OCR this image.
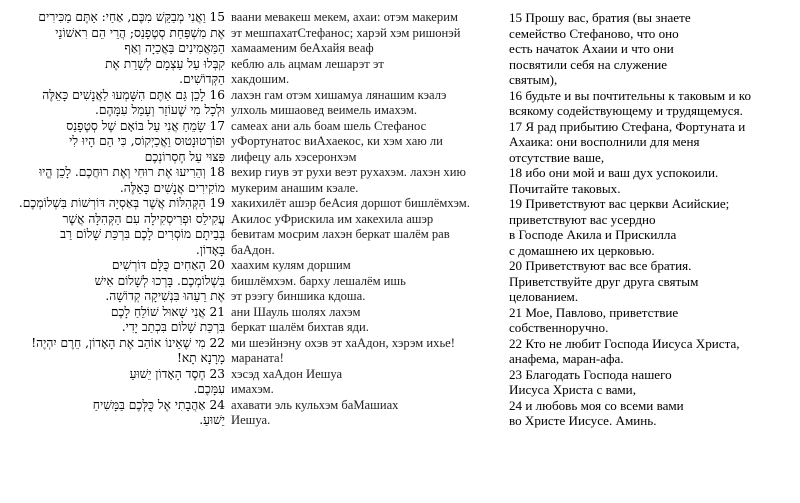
15 וַאֲנִי מְבַקֵּשׁ מִכֶּם, אַחַי: אַתֶּם מַכִּירִים
אֶת מִשְׁפַּחַת סְטֶפָנַס; הֲרֵי הֵם רִאשׁוֹנֵי
הַמַּאֲמִינִים בַּאֲכַיָה וְאַף
קִבְּלוּ עַל עַצְמָם לְשָׁרֵת אֶת
הַקְּדוֹשִׁים.
16 לָכֵן גַּם אַתֶּם הִשָּׁמְעוּ לַאֲנָשִׁים כָּאֵלֶּה
וּלְכָל מִי שֶׁעוֹזֵר וְעָמֵל עִמָּהֶם.
17 שָׂמֵחַ אֲנִי עַל בּוֹאָם שֶׁל סְטֶפָנַס
וּפוֹרְטוּנָטוּס וַאֲכַיְקוֹס, כִּי הֵם הָיוּ לִי
פִּצּוּי עַל חֶסְרוֹנְכֶם
18 וְהֵרִיעוּ אֶת רוּחִי וְאֶת רוּחֲכֶם. לָכֵן הֱיוּ
מוֹקִירִים אֲנָשִׁים כָּאֵלֶּה.
19 הַקְּהִלּוֹת אֲשֶׁר בְּאַסְיָה דּוֹרְשׁוֹת בִּשְׁלוֹמְכֶם.
עֲקִילֵס וּפְרִיסְקִילָה עִם הַקְּהִלָּה אֲשֶׁר
בְּבֵיתָם מוֹסְרִים לָכֶם בִּרְכַּת שָׁלוֹם רַב
בָּאָדוֹן.
20 הָאַחִים כֻּלָּם דּוֹרְשִׁים
בִּשְׁלוֹמְכֶם. בָּרְכוּ לְשָׁלוֹם אִישׁ
אֶת רֵעֵהוּ בִּנְשִׁיקָה קְדוֹשָׁה.
21 אֲנִי שָׁאוּל שׁוֹלֵחַ לָכֶם
בִּרְכַּת שָׁלוֹם בִּכְתַב יָדִי.
22 מִי שֶׁאֵינוֹ אוֹהֵב אֶת הָאָדוֹן, חֵרֶם יִהְיֶה!
מָרָנָא תָא!
23 חֶסֶד הָאָדוֹן יֵשׁוּעַ
עִמָּכֶם.
24 אַהֲבָתִי אֶל כֻּלְּכֶם בַּמָּשִׁיחַ
יֵשׁוּעַ.
ваани мевакеш мекем, ахаи: отэм макерим
эт мешпахатСтефанос; харэй хэм ришонэй
хамааменим беАхайя веаф
кеблю аль ацмам лешарэт эт
хакдошим.
лахэн гам отэм хишамуа лянашим кэалэ
улхоль мишаовед веимель имахэм.
самеах ани аль боам шель Стефанос
уФортунатос виАхаекос, ки хэм хаю ли
лифецу аль хэсеронхэм
вехир гиув эт рухи веэт рухахэм. лахэн хию
мукерим анашим кэале.
хакихилёт ашэр беАсия доршот бишлёмхэм.
Акилос уФрискила им хакехила ашэр
бевитам мосрим лахэн беркат шалём рав
баАдон.
хаахим кулям доршим
бишлёмхэм. бархy лешалём ишь
эт рээгу биншика кдоша.
ани Шауль шолях лахэм
беркат шалём бихтав яди.
ми шеэйнэну охэв эт хаАдон, хэрэм ихье!
мараната!
хэсэд хаАдон Иешуа
имахэм.
ахавати эль кульхэм баМашиах
Иешуа.
15 Прошу вас, братия (вы знаете
семейство Стефаново, что оно
есть начаток Ахаии и что они
посвятили себя на служение
святым),
16 будьте и вы почтительны к таковым и ко
всякому содействующему и трудящемуся.
17 Я рад прибытию Стефана, Фортуната и
Ахаика: они восполнили для меня
отсутствие ваше,
18 ибо они мой и ваш дух успокоили.
Почитайте таковых.
19 Приветствуют вас церкви Асийские;
приветствуют вас усердно
в Господе Акила и Прискилла
с домашнею их церковью.
20 Приветствуют вас все братия.
Приветствуйте друг друга святым
целованием.
21 Мое, Павлово, приветствие
собственноручно.
22 Кто не любит Господа Иисуса Христа,
анафема, маран-афа.
23 Благодать Господа нашего
Иисуса Христа с вами,
24 и любовь моя со всеми вами
во Христе Иисусе. Аминь.
